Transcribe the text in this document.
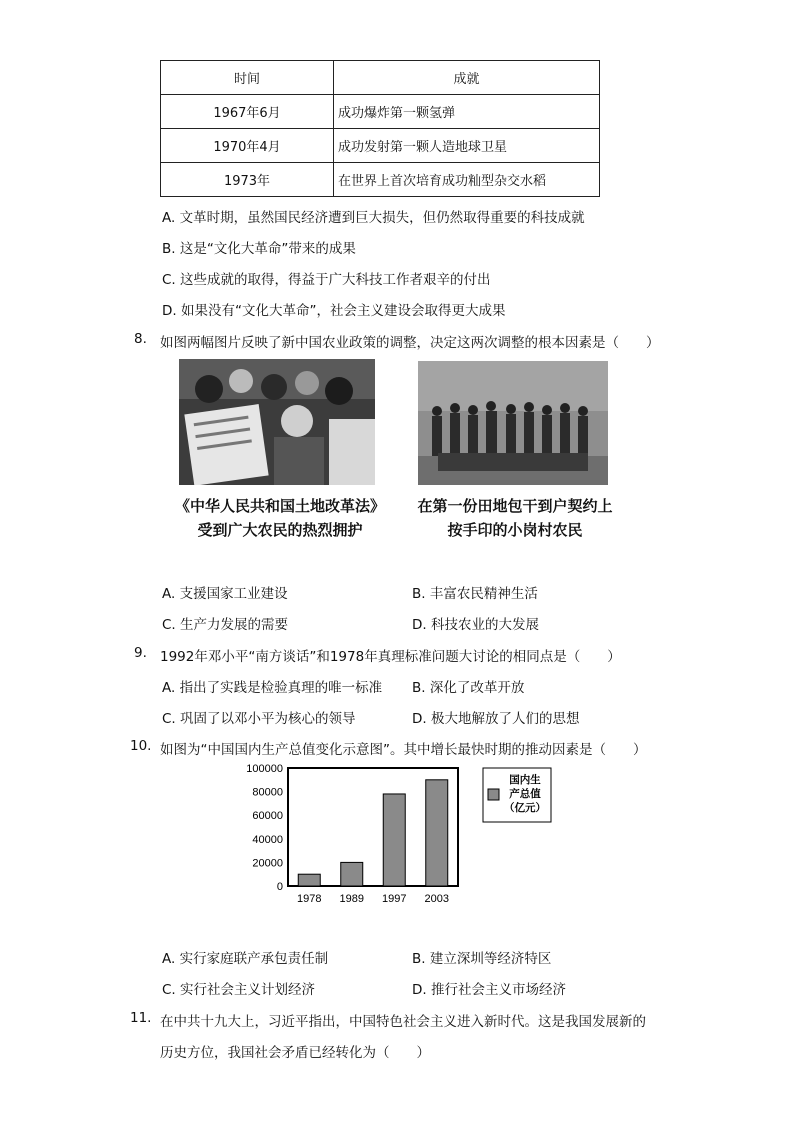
时间	成就
1967年6月	成功爆炸第一颗氢弹
1970年4月	成功发射第一颗人造地球卫星
1973年	在世界上首次培育成功籼型杂交水稻
A. 文革时期，虽然国民经济遭到巨大损失，但仍然取得重要的科技成就
B. 这是“文化大革命”带来的成果
C. 这些成就的取得，得益于广大科技工作者艰辛的付出
D. 如果没有“文化大革命”，社会主义建设会取得更大成果
8. 如图两幅图片反映了新中国农业政策的调整，决定这两次调整的根本因素是（　　）
《中华人民共和国土地改革法》
受到广大农民的热烈拥护
在第一份田地包干到户契约上
按手印的小岗村农民
A. 支援国家工业建设	B. 丰富农民精神生活
C. 生产力发展的需要	D. 科技农业的大发展
9. 1992年邓小平“南方谈话”和1978年真理标准问题大讨论的相同点是（　　）
A. 指出了实践是检验真理的唯一标准 B. 深化了改革开放
C. 巩固了以邓小平为核心的领导	D. 极大地解放了人们的思想
10. 如图为“中国国内生产总值变化示意图”。其中增长最快时期的推动因素是（　　）
0
20000
40000
60000
80000
100000
1978 1989 1997 2003
国内生
产总值
（亿元）
A. 实行家庭联产承包责任制	B. 建立深圳等经济特区
C. 实行社会主义计划经济	D. 推行社会主义市场经济
11. 在中共十九大上，习近平指出，中国特色社会主义进入新时代。这是我国发展新的
历史方位，我国社会矛盾已经转化为（　　）
